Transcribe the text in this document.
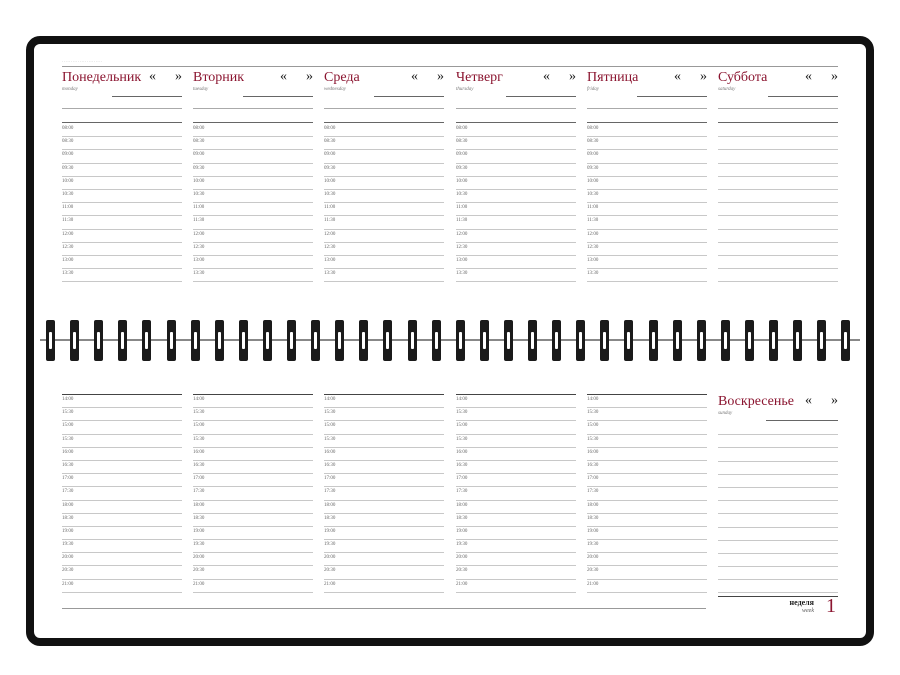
.......................
Понедельник
monday
« »
08:00
08:30
09:00
09:30
10:00
10:30
11:00
11:30
12:00
12:30
13:00
13:30
Вторник
tuesday
« »
08:00
08:30
09:00
09:30
10:00
10:30
11:00
11:30
12:00
12:30
13:00
13:30
Среда
wednesday
« »
08:00
08:30
09:00
09:30
10:00
10:30
11:00
11:30
12:00
12:30
13:00
13:30
Четверг
thursday
« »
08:00
08:30
09:00
09:30
10:00
10:30
11:00
11:30
12:00
12:30
13:00
13:30
Пятница
friday
« »
08:00
08:30
09:00
09:30
10:00
10:30
11:00
11:30
12:00
12:30
13:00
13:30
Суббота
saturday
« »
14:00
15:30
15:00
15:30
16:00
16:30
17:00
17:30
18:00
18:30
19:00
19:30
20:00
20:30
21:00
14:00
15:30
15:00
15:30
16:00
16:30
17:00
17:30
18:00
18:30
19:00
19:30
20:00
20:30
21:00
14:00
15:30
15:00
15:30
16:00
16:30
17:00
17:30
18:00
18:30
19:00
19:30
20:00
20:30
21:00
14:00
15:30
15:00
15:30
16:00
16:30
17:00
17:30
18:00
18:30
19:00
19:30
20:00
20:30
21:00
14:00
15:30
15:00
15:30
16:00
16:30
17:00
17:30
18:00
18:30
19:00
19:30
20:00
20:30
21:00
Воскресенье
sunday
« »
неделя
week 1
